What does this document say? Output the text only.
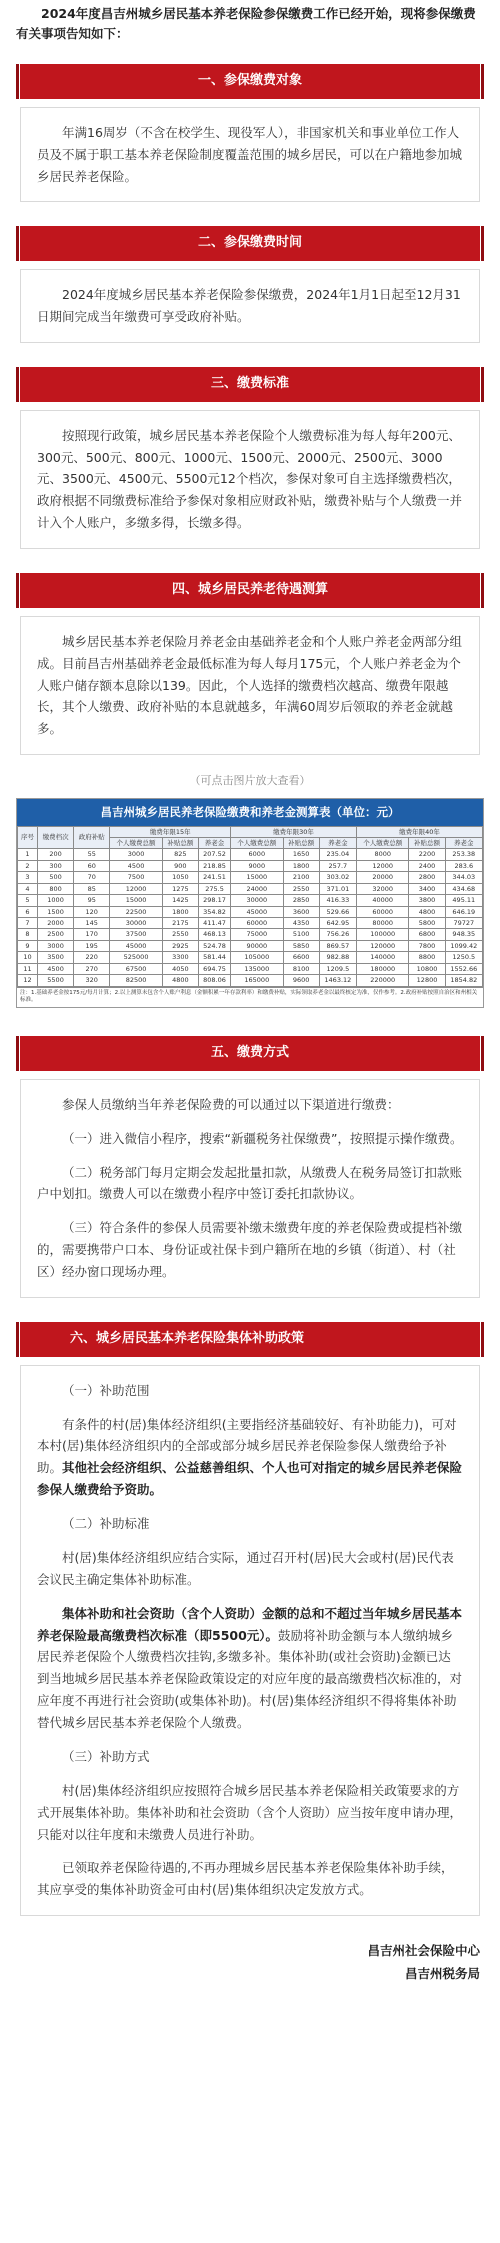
2024年度昌吉州城乡居民基本养老保险参保缴费工作已经开始，现将参保缴费有关事项告知如下：

一、参保缴费对象

年满16周岁（不含在校学生、现役军人），非国家机关和事业单位工作人员及不属于职工基本养老保险制度覆盖范围的城乡居民，可以在户籍地参加城乡居民养老保险。

二、参保缴费时间

2024年度城乡居民基本养老保险参保缴费，2024年1月1日起至12月31日期间完成当年缴费可享受政府补贴。

三、缴费标准

按照现行政策，城乡居民基本养老保险个人缴费标准为每人每年200元、300元、500元、800元、1000元、1500元、2000元、2500元、3000元、3500元、4500元、5500元12个档次，参保对象可自主选择缴费档次，政府根据不同缴费标准给予参保对象相应财政补贴，缴费补贴与个人缴费一并计入个人账户，多缴多得，长缴多得。

四、城乡居民养老待遇测算

城乡居民基本养老保险月养老金由基础养老金和个人账户养老金两部分组成。目前昌吉州基础养老金最低标准为每人每月175元，个人账户养老金为个人账户储存额本息除以139。因此，个人选择的缴费档次越高、缴费年限越长，其个人缴费、政府补贴的本息就越多，年满60周岁后领取的养老金就越多。

（可点击图片放大查看）

昌吉州城乡居民养老保险缴费和养老金测算表（单位：元）
序号	缴费档次	政府补贴	缴费年限15年			缴费年限30年			缴费年限40年		
			个人缴费总额	补贴总额	养老金	个人缴费总额	补贴总额	养老金	个人缴费总额	补贴总额	养老金
1	200	55	3000	825	207.52	6000	1650	235.04	8000	2200	253.38
2	300	60	4500	900	218.85	9000	1800	257.7	12000	2400	283.6
3	500	70	7500	1050	241.51	15000	2100	303.02	20000	2800	344.03
4	800	85	12000	1275	275.5	24000	2550	371.01	32000	3400	434.68
5	1000	95	15000	1425	298.17	30000	2850	416.33	40000	3800	495.11
6	1500	120	22500	1800	354.82	45000	3600	529.66	60000	4800	646.19
7	2000	145	30000	2175	411.47	60000	4350	642.95	80000	5800	79727
8	2500	170	37500	2550	468.13	75000	5100	756.26	100000	6800	948.35
9	3000	195	45000	2925	524.78	90000	5850	869.57	120000	7800	1099.42
10	3500	220	525000	3300	581.44	105000	6600	982.88	140000	8800	1250.5
11	4500	270	67500	4050	694.75	135000	8100	1209.5	180000	10800	1552.66
12	5500	320	82500	4800	808.06	165000	9600	1463.12	220000	12800	1854.82
注：1.基础养老金按175元/每月计算；2.以上测算未包含个人账户利息（金额积累一年存款利率）和缴费补贴，实际领取养老金以最终核定为准，仅作参考。2.政府补贴按照自治区和州相关标准。
五、缴费方式

参保人员缴纳当年养老保险费的可以通过以下渠道进行缴费：

（一）进入微信小程序，搜索“新疆税务社保缴费”，按照提示操作缴费。

（二）税务部门每月定期会发起批量扣款，从缴费人在税务局签订扣款账户中划扣。缴费人可以在缴费小程序中签订委托扣款协议。

（三）符合条件的参保人员需要补缴未缴费年度的养老保险费或提档补缴的，需要携带户口本、身份证或社保卡到户籍所在地的乡镇（街道）、村（社区）经办窗口现场办理。

六、城乡居民基本养老保险集体补助政策

（一）补助范围

有条件的村(居)集体经济组织(主要指经济基础较好、有补助能力)，可对本村(居)集体经济组织内的全部或部分城乡居民养老保险参保人缴费给予补助。其他社会经济组织、公益慈善组织、个人也可对指定的城乡居民养老保险参保人缴费给予资助。

（二）补助标准

村(居)集体经济组织应结合实际，通过召开村(居)民大会或村(居)民代表会议民主确定集体补助标准。

集体补助和社会资助（含个人资助）金额的总和不超过当年城乡居民基本养老保险最高缴费档次标准（即5500元）。鼓励将补助金额与本人缴纳城乡居民养老保险个人缴费档次挂钩,多缴多补。集体补助(或社会资助)金额已达到当地城乡居民基本养老保险政策设定的对应年度的最高缴费档次标准的，对应年度不再进行社会资助(或集体补助)。村(居)集体经济组织不得将集体补助替代城乡居民基本养老保险个人缴费。

（三）补助方式

村(居)集体经济组织应按照符合城乡居民基本养老保险相关政策要求的方式开展集体补助。集体补助和社会资助（含个人资助）应当按年度申请办理，只能对以往年度和未缴费人员进行补助。

已领取养老保险待遇的,不再办理城乡居民基本养老保险集体补助手续，其应享受的集体补助资金可由村(居)集体组织决定发放方式。

昌吉州社会保险中心
昌吉州税务局
